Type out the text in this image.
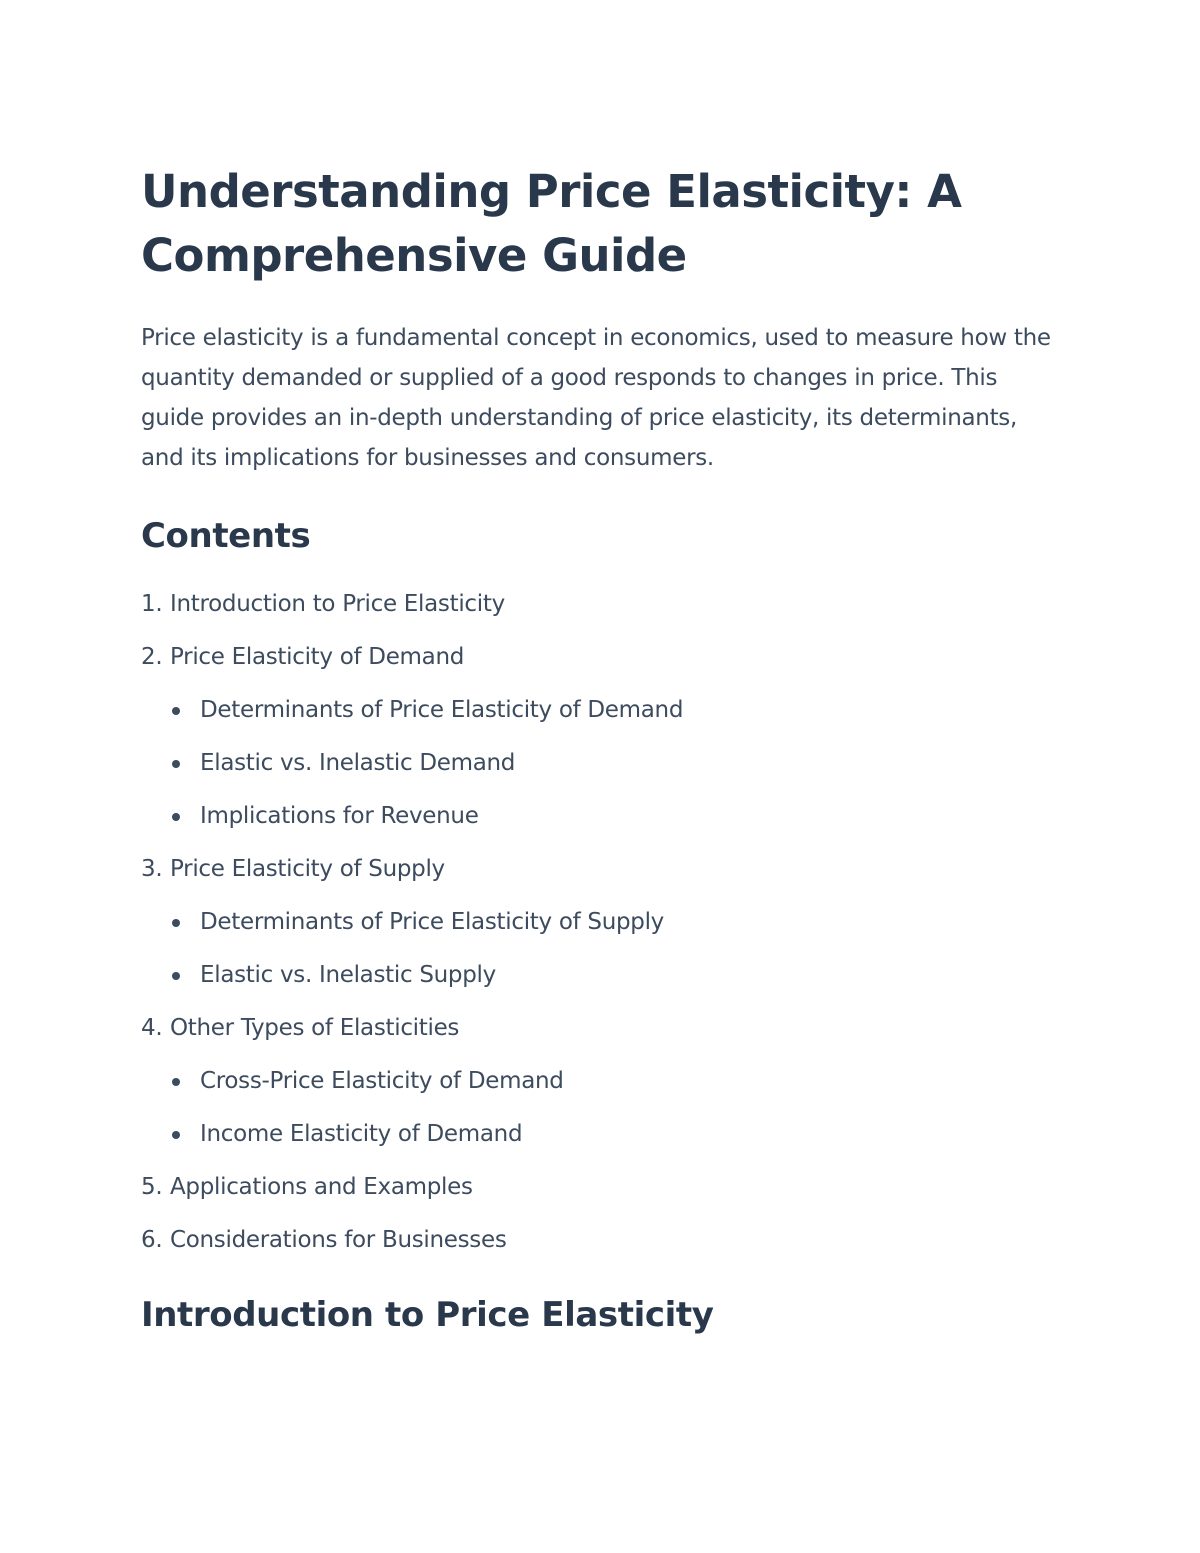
Understanding Price Elasticity: A Comprehensive Guide

Price elasticity is a fundamental concept in economics, used to measure how the quantity demanded or supplied of a good responds to changes in price. This guide provides an in-depth understanding of price elasticity, its determinants, and its implications for businesses and consumers.

Contents
1. Introduction to Price Elasticity
2. Price Elasticity of Demand
Determinants of Price Elasticity of Demand
Elastic vs. Inelastic Demand
Implications for Revenue
3. Price Elasticity of Supply
Determinants of Price Elasticity of Supply
Elastic vs. Inelastic Supply
4. Other Types of Elasticities
Cross-Price Elasticity of Demand
Income Elasticity of Demand
5. Applications and Examples
6. Considerations for Businesses
Introduction to Price Elasticity
